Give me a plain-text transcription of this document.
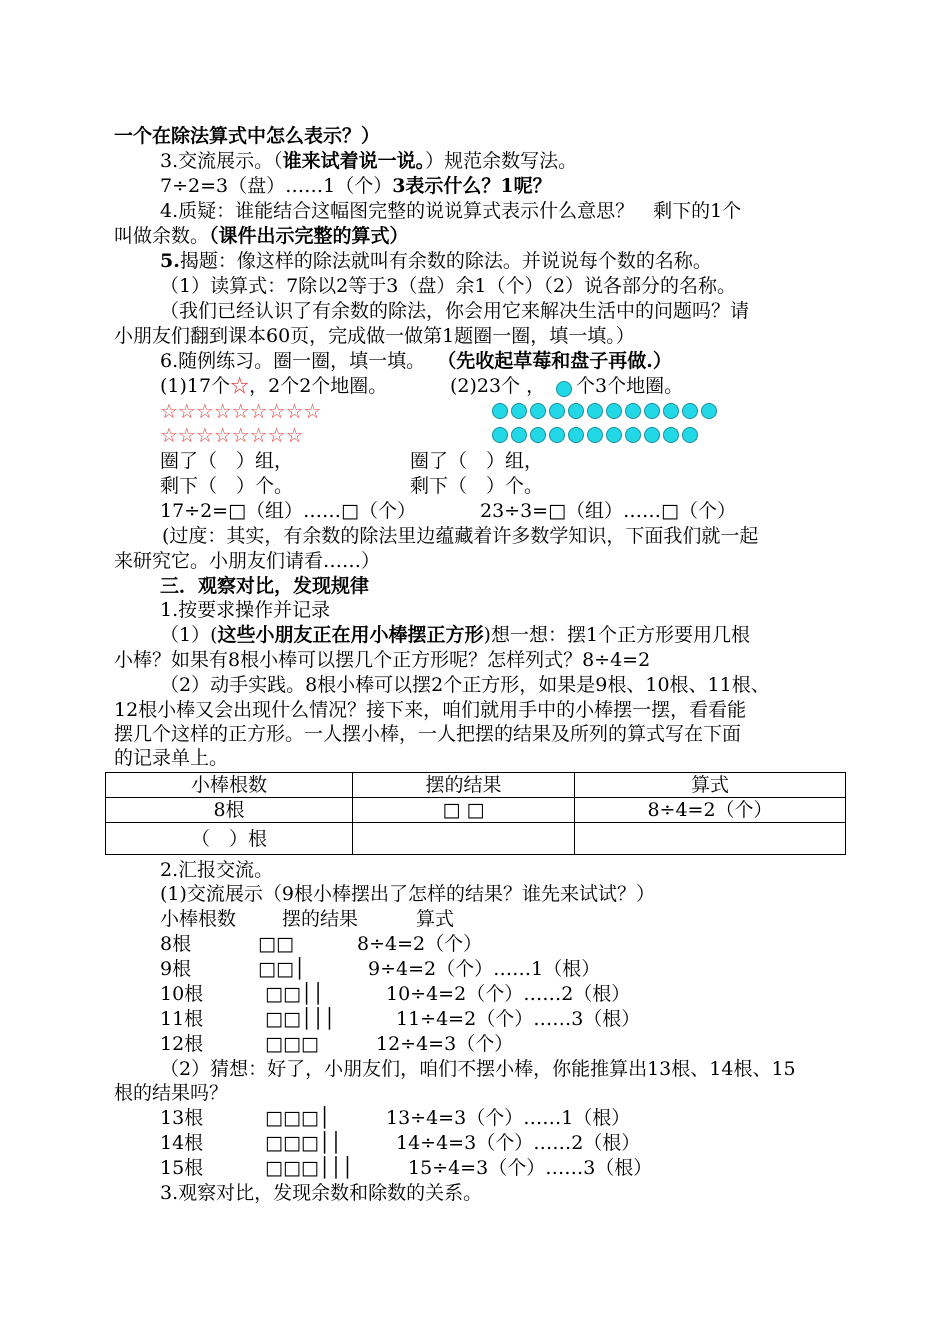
一个在除法算式中怎么表示？）
3.交流展示。（谁来试着说一说。）规范余数写法。
7÷2=3（盘）……1（个）3表示什么？1呢？
4.质疑：谁能结合这幅图完整的说说算式表示什么意思？　剩下的1个
叫做余数。（课件出示完整的算式）
5.揭题：像这样的除法就叫有余数的除法。并说说每个数的名称。
（1）读算式：7除以2等于3（盘）余1（个）（2）说各部分的名称。
（我们已经认识了有余数的除法，你会用它来解决生活中的问题吗？请
小朋友们翻到课本60页，完成做一做第1题圈一圈，填一填。）
6.随例练习。圈一圈，填一填。 （先收起草莓和盘子再做.）
(1)17个☆，2个2个地圈。	(2)23个 ， 个3个地圈。
☆☆☆☆☆☆☆☆☆
☆☆☆☆☆☆☆☆
圈了（　）组，	圈了（　）组，
剩下（　）个。	剩下（　）个。
17÷2=□（组）……□（个）	23÷3=□（组）……□（个）
(过度：其实，有余数的除法里边蕴藏着许多数学知识，下面我们就一起
来研究它。小朋友们请看……）
三．观察对比，发现规律
1.按要求操作并记录
（1）(这些小朋友正在用小棒摆正方形)想一想：摆1个正方形要用几根
小棒？如果有8根小棒可以摆几个正方形呢？怎样列式？8÷4=2
（2）动手实践。8根小棒可以摆2个正方形，如果是9根、10根、11根、
12根小棒又会出现什么情况？接下来，咱们就用手中的小棒摆一摆，看看能
摆几个这样的正方形。一人摆小棒，一人把摆的结果及所列的算式写在下面
的记录单上。
小棒根数	摆的结果	算式
8根	□ □	8÷4=2（个）
（　）根		
2.汇报交流。
(1)交流展示（9根小棒摆出了怎样的结果？谁先来试试？）
小棒根数 摆的结果	算式
8根	□□	8÷4=2（个）
9根	□□│	9÷4=2（个）……1（根）
10根	□□││	10÷4=2（个）……2（根）
11根	□□│││	11÷4=2（个）……3（根）
12根	□□□	12÷4=3（个）
（2）猜想：好了，小朋友们，咱们不摆小棒，你能推算出13根、14根、15
根的结果吗？
13根	□□□│	13÷4=3（个）……1（根）
14根	□□□││	14÷4=3（个）……2（根）
15根	□□□│││	15÷4=3（个）……3（根）
3.观察对比，发现余数和除数的关系。
